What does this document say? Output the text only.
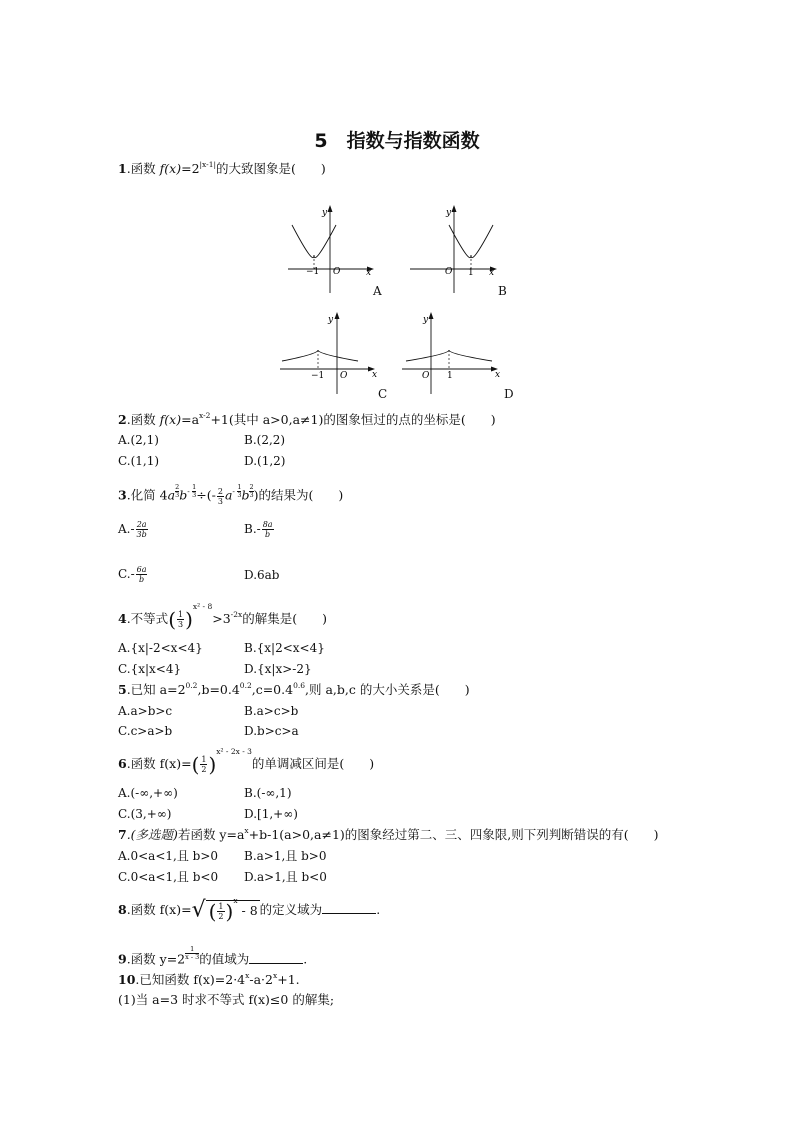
5　指数与指数函数
1.函数 $f(x)=2^{|x-1|}$的大致图象是(　　)
y
x
O
−1
A
y
x
O 1
B
y
x
O
−1
C
y
x
O 1
D
2.函数 $f(x)=a^{x-2}+1$(其中 a>0,a≠1)的图象恒过的点的坐标是(　　)
A.(2,1)	B.(2,2)
C.(1,1)	D.(1,2)
3.化简 4a $^{\frac{2}{3}}$ $b^{- \frac{1}{3}}$ ÷(- $\frac{2}{3} a^{- \frac{1}{3}}$ b $^{\frac{2}{3}}$ )的结果为(　　)
$A.- \frac{2a}{3b}$	$B.- \frac{8a}{b}$
$C.- \frac{6a}{b}$	D.6ab
4.不等式( $\frac{1}{3} )^{x^2 - 8}>3^{-2x}$的解集是(　　)
A.{x|-2<x<4}	B.{x|2<x<4}
C.{x|x<4}	D.{x|x>-2}
5.已知 $a=2^{0.2},b=0.4^{0.2},c=0.4^{0.6}$,则 a,b,c 的大小关系是(　　)
A.a>b>c	B.a>c>b
C.c>a>b	D.b>c>a
6.函数 $f(x)=( \frac{1}{2} )^{x^2 - 2x - 3}$的单调减区间是(　　)
A.(-∞,+∞)	B.(-∞,1)
C.(3,+∞)	D.[1,+∞)
7.(多选题)若函数 $y=a^x+b-1(a>0,a\ne 1)$的图象经过第二、三、四象限,则下列判断错误的有(　　)
A.0<a<1,且 b>0 B.a>1,且 b>0
C.0<a<1,且 b<0 D.a>1,且 b<0
8.函数 f(x)=√ ( $\frac{1}{2} )^x - 8$ 的定义域为	.
9.函数 y=2 $^{\frac{1}{x - 3}}$ 的值域为	.
10.已知函数 $f(x)=2\cdot 4^x-a\cdot 2^x+1$.
(1)当 a=3 时求不等式 f(x)≤0 的解集;
